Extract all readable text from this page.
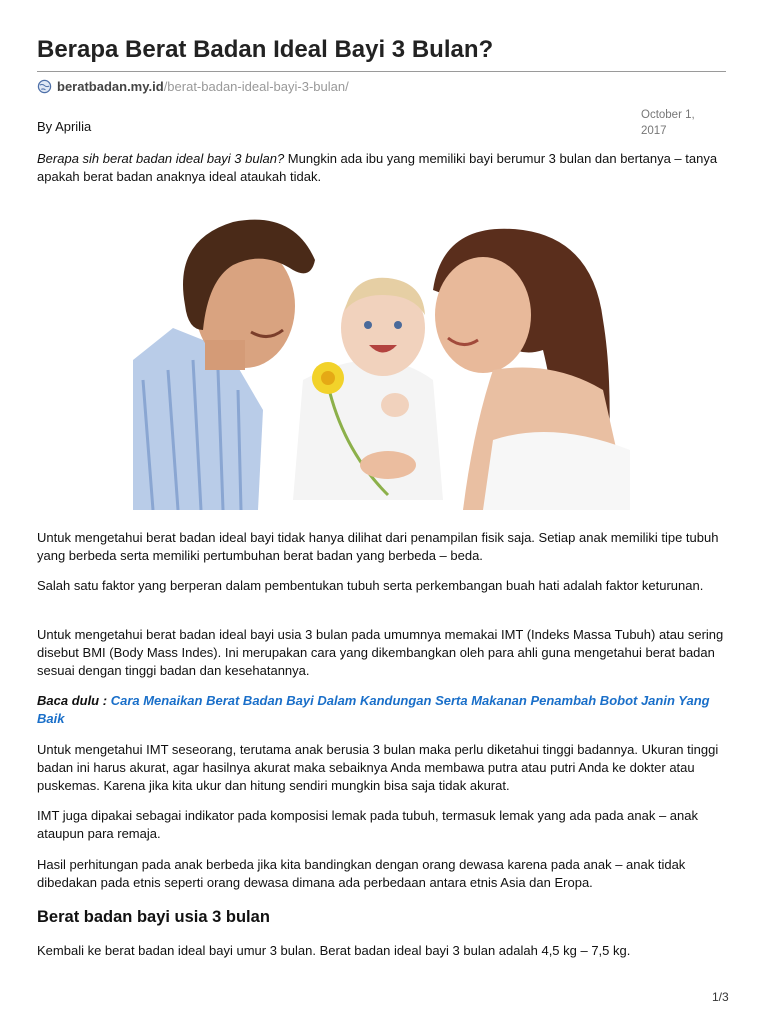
Berapa Berat Badan Ideal Bayi 3 Bulan?
beratbadan.my.id /berat-badan-ideal-bayi-3-bulan/
By Aprilia
October 1,
2017

Berapa sih berat badan ideal bayi 3 bulan? Mungkin ada ibu yang memiliki bayi berumur 3 bulan dan bertanya – tanya apakah berat badan anaknya ideal ataukah tidak.

Untuk mengetahui berat badan ideal bayi tidak hanya dilihat dari penampilan fisik saja. Setiap anak memiliki tipe tubuh yang berbeda serta memiliki pertumbuhan berat badan yang berbeda – beda.

Salah satu faktor yang berperan dalam pembentukan tubuh serta perkembangan buah hati adalah faktor keturunan.

Untuk mengetahui berat badan ideal bayi usia 3 bulan pada umumnya memakai IMT (Indeks Massa Tubuh) atau sering disebut BMI (Body Mass Indes). Ini merupakan cara yang dikembangkan oleh para ahli guna mengetahui berat badan sesuai dengan tinggi badan dan kesehatannya.

Baca dulu : Cara Menaikan Berat Badan Bayi Dalam Kandungan Serta Makanan Penambah Bobot Janin Yang Baik

Untuk mengetahui IMT seseorang, terutama anak berusia 3 bulan maka perlu diketahui tinggi badannya. Ukuran tinggi badan ini harus akurat, agar hasilnya akurat maka sebaiknya Anda membawa putra atau putri Anda ke dokter atau puskemas. Karena jika kita ukur dan hitung sendiri mungkin bisa saja tidak akurat.

IMT juga dipakai sebagai indikator pada komposisi lemak pada tubuh, termasuk lemak yang ada pada anak – anak ataupun para remaja.

Hasil perhitungan pada anak berbeda jika kita bandingkan dengan orang dewasa karena pada anak – anak tidak dibedakan pada etnis seperti orang dewasa dimana ada perbedaan antara etnis Asia dan Eropa.

Berat badan bayi usia 3 bulan

Kembali ke berat badan ideal bayi umur 3 bulan. Berat badan ideal bayi 3 bulan adalah 4,5 kg – 7,5 kg.

1/3
